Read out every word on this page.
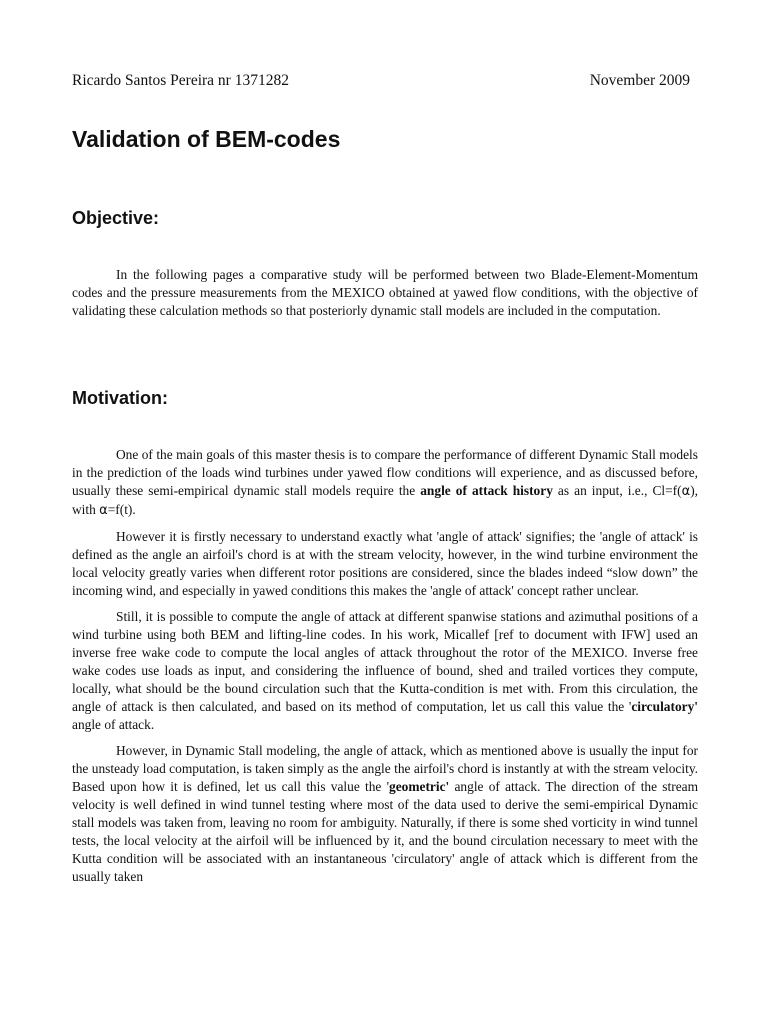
Ricardo Santos Pereira nr 1371282	November 2009
Validation of BEM-codes
Objective:

In the following pages a comparative study will be performed between two Blade-Element-Momentum codes and the pressure measurements from the MEXICO obtained at yawed flow conditions, with the objective of validating these calculation methods so that posteriorly dynamic stall models are included in the computation.

Motivation:

One of the main goals of this master thesis is to compare the performance of different Dynamic Stall models in the prediction of the loads wind turbines under yawed flow conditions will experience, and as discussed before, usually these semi-empirical dynamic stall models require the angle of attack history as an input, i.e., Cl=f(α), with α=f(t).

However it is firstly necessary to understand exactly what 'angle of attack' signifies; the 'angle of attack' is defined as the angle an airfoil's chord is at with the stream velocity, however, in the wind turbine environment the local velocity greatly varies when different rotor positions are considered, since the blades indeed “slow down” the incoming wind, and especially in yawed conditions this makes the 'angle of attack' concept rather unclear.

Still, it is possible to compute the angle of attack at different spanwise stations and azimuthal positions of a wind turbine using both BEM and lifting-line codes. In his work, Micallef [ref to document with IFW] used an inverse free wake code to compute the local angles of attack throughout the rotor of the MEXICO. Inverse free wake codes use loads as input, and considering the influence of bound, shed and trailed vortices they compute, locally, what should be the bound circulation such that the Kutta-condition is met with. From this circulation, the angle of attack is then calculated, and based on its method of computation, let us call this value the 'circulatory' angle of attack.

However, in Dynamic Stall modeling, the angle of attack, which as mentioned above is usually the input for the unsteady load computation, is taken simply as the angle the airfoil's chord is instantly at with the stream velocity. Based upon how it is defined, let us call this value the 'geometric' angle of attack. The direction of the stream velocity is well defined in wind tunnel testing where most of the data used to derive the semi-empirical Dynamic stall models was taken from, leaving no room for ambiguity. Naturally, if there is some shed vorticity in wind tunnel tests, the local velocity at the airfoil will be influenced by it, and the bound circulation necessary to meet with the Kutta condition will be associated with an instantaneous 'circulatory' angle of attack which is different from the usually taken
